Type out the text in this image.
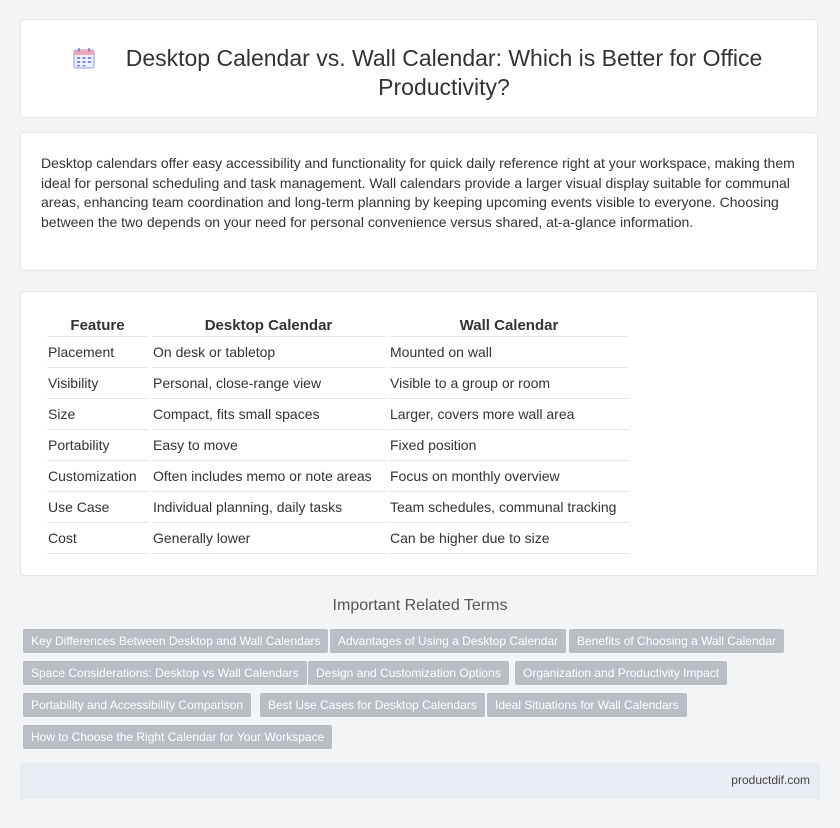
Desktop Calendar vs. Wall Calendar: Which is Better for Office Productivity?

Desktop calendars offer easy accessibility and functionality for quick daily reference right at your workspace, making them ideal for personal scheduling and task management. Wall calendars provide a larger visual display suitable for communal areas, enhancing team coordination and long-term planning by keeping upcoming events visible to everyone. Choosing between the two depends on your need for personal convenience versus shared, at-a-glance information.

Feature	Desktop Calendar	Wall Calendar
Placement	On desk or tabletop	Mounted on wall
Visibility	Personal, close-range view	Visible to a group or room
Size	Compact, fits small spaces	Larger, covers more wall area
Portability	Easy to move	Fixed position
Customization	Often includes memo or note areas	Focus on monthly overview
Use Case	Individual planning, daily tasks	Team schedules, communal tracking
Cost	Generally lower	Can be higher due to size
Important Related Terms
Key Differences Between Desktop and Wall Calendars	Advantages of Using a Desktop Calendar	Benefits of Choosing a Wall Calendar
Space Considerations: Desktop vs Wall Calendars	Design and Customization Options	Organization and Productivity Impact
Portability and Accessibility Comparison	Best Use Cases for Desktop Calendars	Ideal Situations for Wall Calendars
How to Choose the Right Calendar for Your Workspace
productdif.com
